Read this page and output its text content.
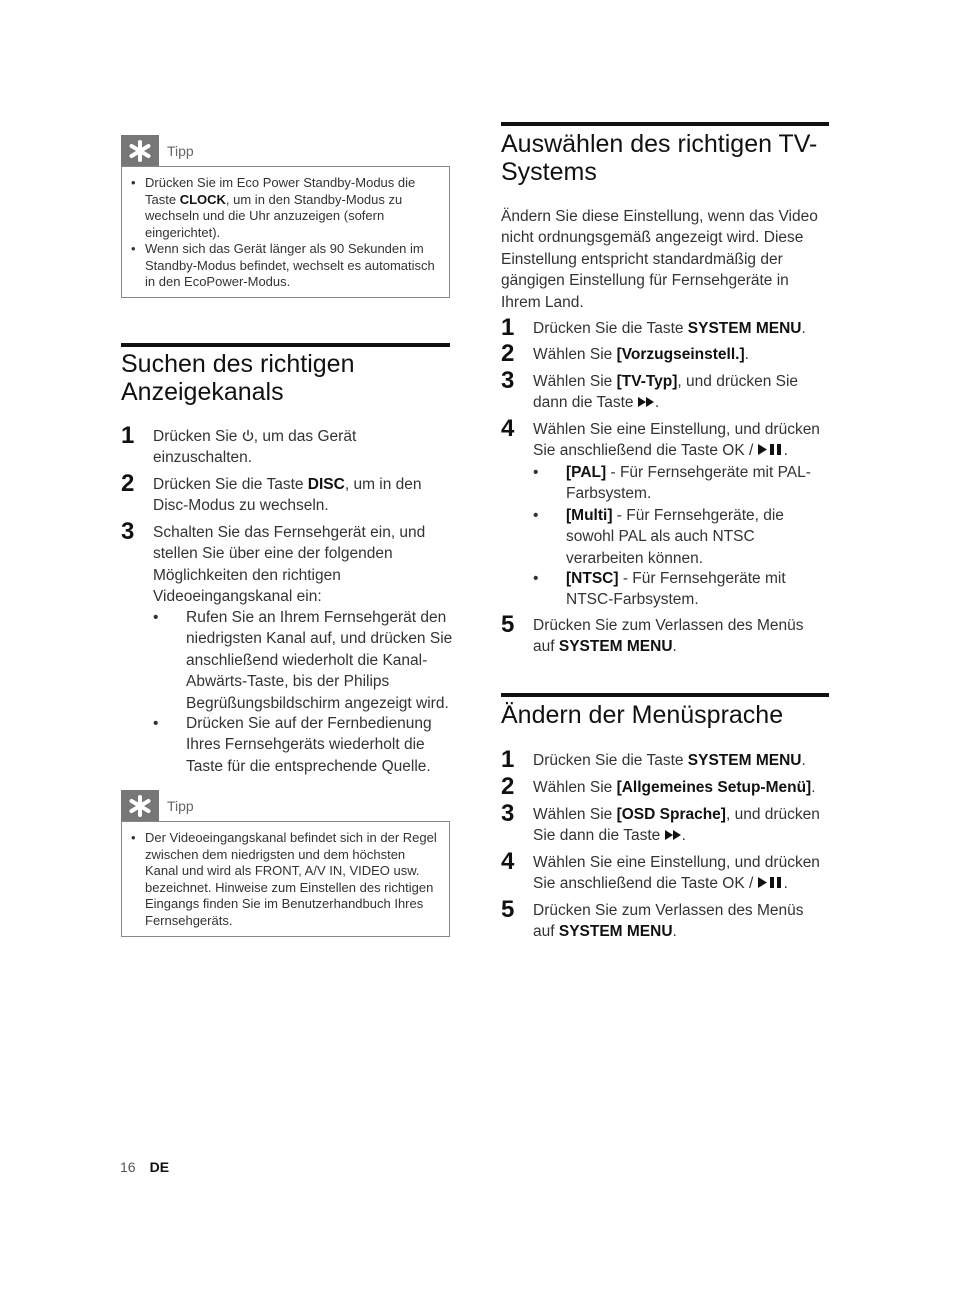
Tipp
• Drücken Sie im Eco Power Standby-Modus die Taste CLOCK, um in den Standby-Modus zu wechseln und die Uhr anzuzeigen (sofern eingerichtet).
• Wenn sich das Gerät länger als 90 Sekunden im Standby-Modus befindet, wechselt es automatisch in den EcoPower-Modus.
Suchen des richtigen
Anzeigekanals
1 Drücken Sie , um das Gerät einzuschalten.
2 Drücken Sie die Taste DISC, um in den Disc-Modus zu wechseln.
3 Schalten Sie das Fernsehgerät ein, und stellen Sie über eine der folgenden Möglichkeiten den richtigen Videoeingangskanal ein:
• Rufen Sie an Ihrem Fernsehgerät den niedrigsten Kanal auf, und drücken Sie anschließend wiederholt die Kanal-Abwärts-Taste, bis der Philips Begrüßungsbildschirm angezeigt wird.
• Drücken Sie auf der Fernbedienung Ihres Fernsehgeräts wiederholt die Taste für die entsprechende Quelle.
Tipp
• Der Videoeingangskanal befindet sich in der Regel zwischen dem niedrigsten und dem höchsten Kanal und wird als FRONT, A/V IN, VIDEO usw. bezeichnet. Hinweise zum Einstellen des richtigen Eingangs finden Sie im Benutzerhandbuch Ihres Fernsehgeräts.
Auswählen des richtigen TV-
Systems

Ändern Sie diese Einstellung, wenn das Video nicht ordnungsgemäß angezeigt wird. Diese Einstellung entspricht standardmäßig der gängigen Einstellung für Fernsehgeräte in Ihrem Land.

1 Drücken Sie die Taste SYSTEM MENU.
2 Wählen Sie [Vorzugseinstell.].
3 Wählen Sie [TV-Typ], und drücken Sie dann die Taste .
4 Wählen Sie eine Einstellung, und drücken Sie anschließend die Taste OK / .
• [PAL] - Für Fernsehgeräte mit PAL-Farbsystem.
• [Multi] - Für Fernsehgeräte, die sowohl PAL als auch NTSC verarbeiten können.
• [NTSC] - Für Fernsehgeräte mit NTSC-Farbsystem.
5 Drücken Sie zum Verlassen des Menüs auf SYSTEM MENU.
Ändern der Menüsprache
1 Drücken Sie die Taste SYSTEM MENU.
2 Wählen Sie [Allgemeines Setup-Menü].
3 Wählen Sie [OSD Sprache], und drücken Sie dann die Taste .
4 Wählen Sie eine Einstellung, und drücken Sie anschließend die Taste OK / .
5 Drücken Sie zum Verlassen des Menüs auf SYSTEM MENU.
16 DE
